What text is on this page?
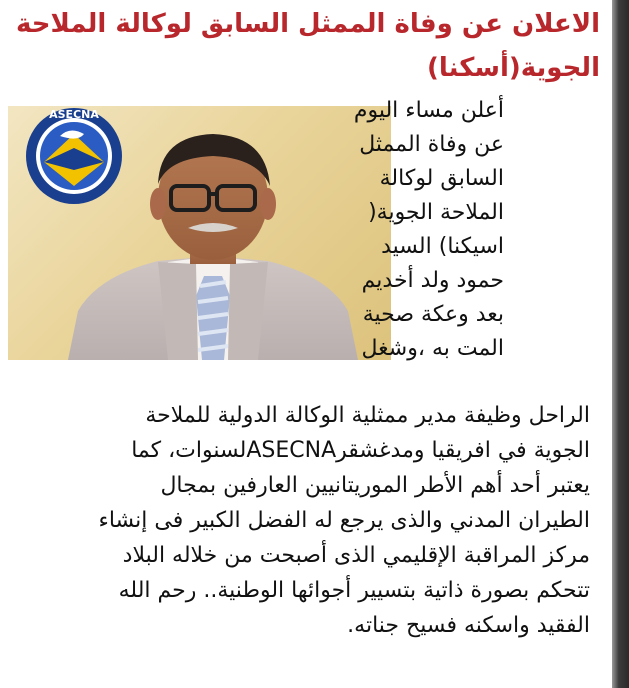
الاعلان عن وفاة الممثل السابق لوكالة الملاحة
الجوية(أسكنا)
ASECNA	أعلن مساء اليوم
عن وفاة الممثل
السابق لوكالة
الملاحة الجوية(
اسيكنا) السيد
حمود ولد أخديم
بعد وعكة صحية
المت به ،وشغل
الراحل وظيفة مدير ممثلية الوكالة الدولية للملاحة
الجوية في افريقيا ومدغشقرASECNAلسنوات، كما
يعتبر أحد أهم الأطر الموريتانيين العارفين بمجال
الطيران المدني والذى يرجع له الفضل الكبير فى إنشاء
مركز المراقبة الإقليمي الذى أصبحت من خلاله البلاد
تتحكم بصورة ذاتية بتسيير أجوائها الوطنية.. رحم الله
الفقيد واسكنه فسيح جناته.
